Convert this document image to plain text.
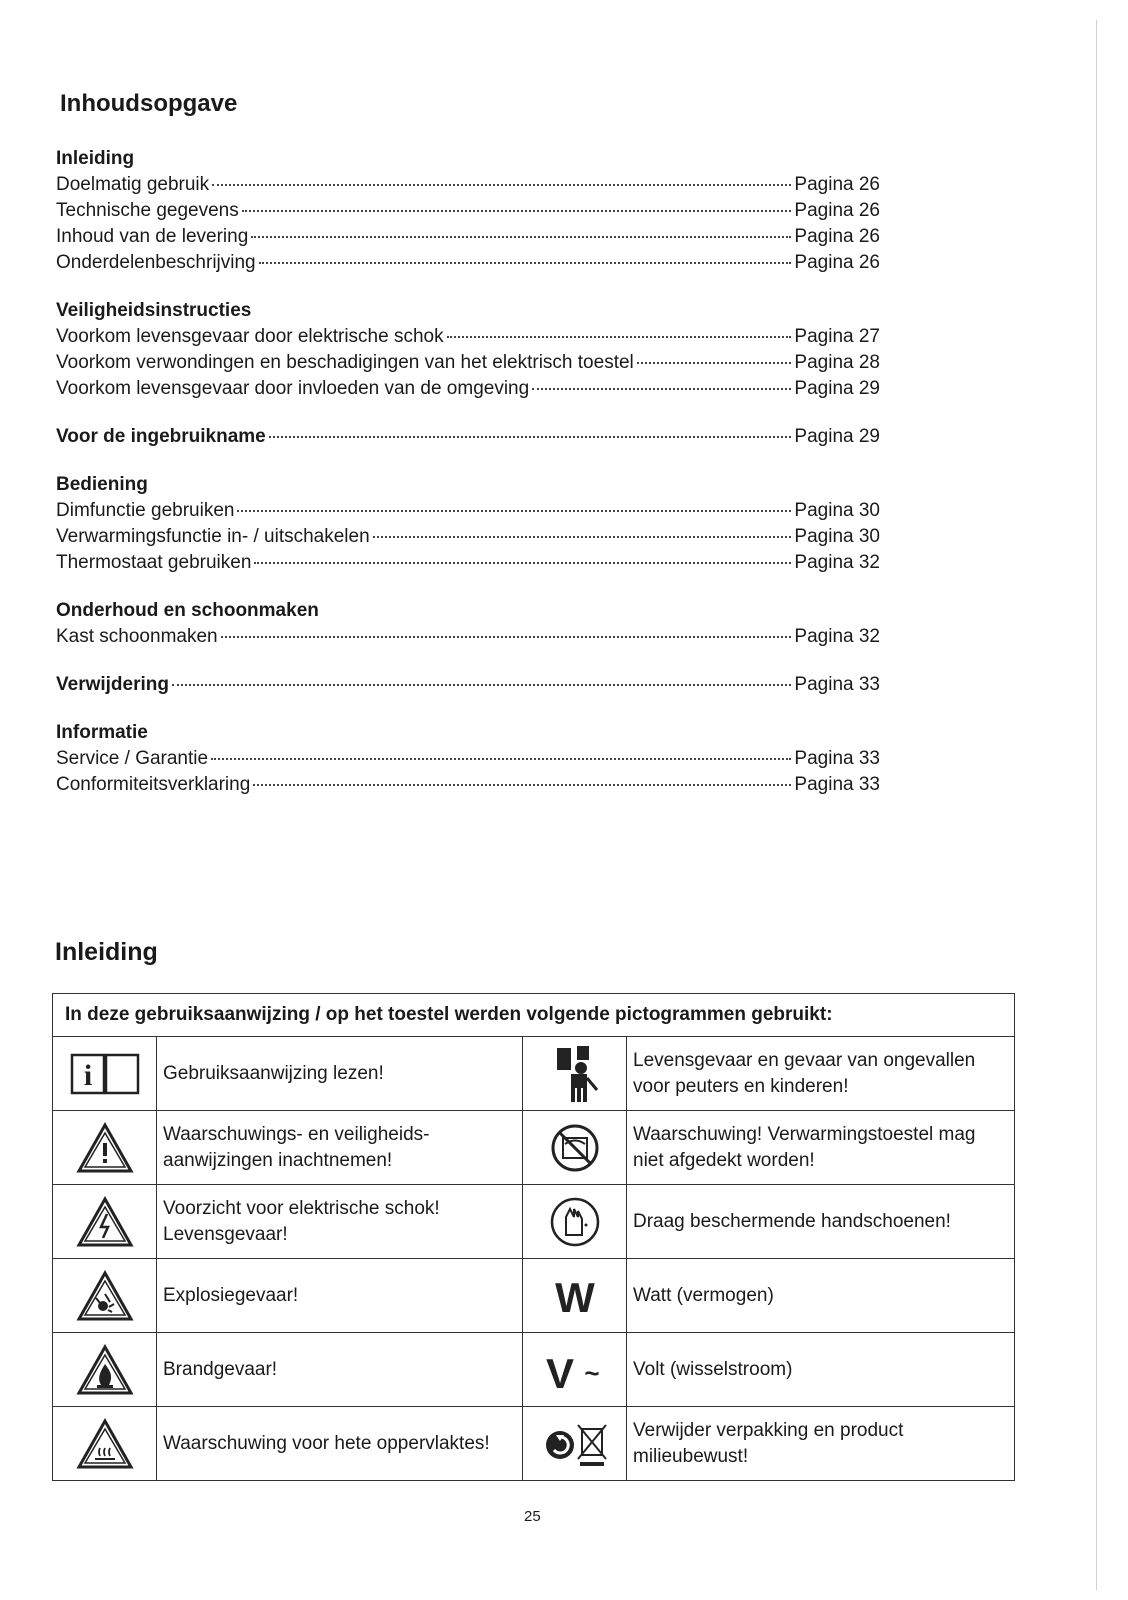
Inhoudsopgave
Inleiding
Doelmatig gebruik	Pagina 26
Technische gegevens	Pagina 26
Inhoud van de levering	Pagina 26
Onderdelenbeschrijving	Pagina 26
Veiligheidsinstructies
Voorkom levensgevaar door elektrische schok	Pagina 27
Voorkom verwondingen en beschadigingen van het elektrisch toestel	Pagina 28
Voorkom levensgevaar door invloeden van de omgeving	Pagina 29
Voor de ingebruikname	Pagina 29
Bediening
Dimfunctie gebruiken	Pagina 30
Verwarmingsfunctie in- / uitschakelen	Pagina 30
Thermostaat gebruiken	Pagina 32
Onderhoud en schoonmaken
Kast schoonmaken	Pagina 32
Verwijdering	Pagina 33
Informatie
Service / Garantie	Pagina 33
Conformiteitsverklaring	Pagina 33
Inleiding
In deze gebruiksaanwijzing / op het toestel werden volgende pictogrammen gebruikt:			

i	Gebruiksaanwijzing lezen!		Levensgevaar en gevaar van ongevallen voor peuters en kinderen!
	Waarschuwings- en veiligheids- aanwijzingen inachtnemen!		Waarschuwing! Verwarmingstoestel mag niet afgedekt worden!
	Voorzicht voor elektrische schok! Levensgevaar!		Draag beschermende handschoenen!
	Explosiegevaar!	W	Watt (vermogen)
	Brandgevaar!	V ~	Volt (wisselstroom)
	Waarschuwing voor hete oppervlaktes!		Verwijder verpakking en product milieubewust!
25
